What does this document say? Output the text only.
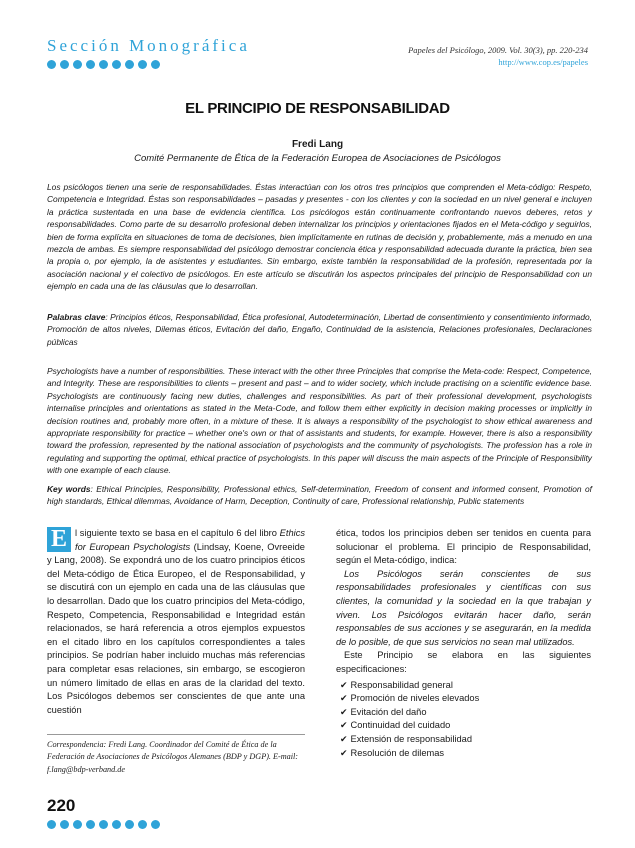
Sección Monográfica	Papeles del Psicólogo, 2009. Vol. 30(3), pp. 220-234
http://www.cop.es/papeles
EL PRINCIPIO DE RESPONSABILIDAD
Fredi Lang
Comité Permanente de Ética de la Federación Europea de Asociaciones de Psicólogos

Los psicólogos tienen una serie de responsabilidades. Éstas interactúan con los otros tres principios que comprenden el Meta-código: Respeto, Competencia e Integridad. Éstas son responsabilidades – pasadas y presentes - con los clientes y con la sociedad en un nivel general e incluyen la práctica sustentada en una base de evidencia científica. Los psicólogos están continuamente confrontando nuevos deberes, retos y responsabilidades. Como parte de su desarrollo profesional deben internalizar los principios y orientaciones fijados en el Meta-código y seguirlos, bien de forma explícita en situaciones de toma de decisiones, bien implícitamente en rutinas de decisión y, probablemente, más a menudo en una mezcla de ambas. Es siempre responsabilidad del psicólogo demostrar conciencia ética y responsabilidad adecuada durante la práctica, bien sea la propia o, por ejemplo, la de asistentes y estudiantes. Sin embargo, existe también la responsabilidad de la profesión, representada por la asociación nacional y el colectivo de psicólogos. En este artículo se discutirán los aspectos principales del principio de Responsabilidad con un ejemplo en cada una de las cláusulas que lo desarrollan.

Palabras clave: Principios éticos, Responsabilidad, Ética profesional, Autodeterminación, Libertad de consentimiento y consentimiento informado, Promoción de altos niveles, Dilemas éticos, Evitación del daño, Engaño, Continuidad de la asistencia, Relaciones profesionales, Declaraciones públicas

Psychologists have a number of responsibilities. These interact with the other three Principles that comprise the Meta-code: Respect, Competence, and Integrity. These are responsibilities to clients – present and past – and to wider society, which include practising on a scientific evidence base. Psychologists are continuously facing new duties, challenges and responsibilities. As part of their professional development, psychologists internalise principles and orientations as stated in the Meta-Code, and follow them either explicitly in decision making processes or implicitly in decision routines and, probably more often, in a mixture of these. It is always a responsibility of the psychologist to show ethical awareness and appropriate responsibility for practice – whether one's own or that of assistants and students, for example. However, there is also a responsibility toward the profession, represented by the national association of psychologists and the community of psychologists. The profession has a role in regulating and supporting the optimal, ethical practice of psychologists. In this paper will discuss the main aspects of the Principle of Responsibility with one example of each clause.

Key words: Ethical Principles, Responsibility, Professional ethics, Self-determination, Freedom of consent and informed consent, Promotion of high standards, Ethical dilemmas, Avoidance of Harm, Deception, Continuity of care, Professional relationship, Public statements

E l siguiente texto se basa en el capítulo 6 del libro Ethics for European Psychologists (Lindsay, Koene, Ovreeide y Lang, 2008). Se expondrá uno de los cuatro principios éticos del Meta-código de Ética Europeo, el de Responsabilidad, y se discutirá con un ejemplo en cada una de las cláusulas que lo desarrollan. Dado que los cuatro principios del Meta-código, Respeto, Competencia, Responsabilidad e Integridad están relacionados, se hará referencia a otros ejemplos expuestos en el citado libro en los capítulos correspondientes a tales principios. Se podrían haber incluido muchas más referencias para completar esas relaciones, sin embargo, se escogieron un número limitado de ellas en aras de la claridad del texto. Los Psicólogos debemos ser conscientes de que ante una cuestión

ética, todos los principios deben ser tenidos en cuenta para solucionar el problema. El principio de Responsabilidad, según el Meta-código, indica:

Los Psicólogos serán conscientes de sus responsabilidades profesionales y científicas con sus clientes, la comunidad y la sociedad en la que trabajan y viven. Los Psicólogos evitarán hacer daño, serán responsables de sus acciones y se asegurarán, en la medida de lo posible, de que sus servicios no sean mal utilizados.

Este Principio se elabora en las siguientes especificaciones:

✔ Responsabilidad general
✔ Promoción de niveles elevados
✔ Evitación del daño
✔ Continuidad del cuidado
✔ Extensión de responsabilidad
✔ Resolución de dilemas
Correspondencia: Fredi Lang. Coordinador del Comité de Ética de la Federación de Asociaciones de Psicólogos Alemanes (BDP y DGP). E-mail: f.lang@bdp-verband.de
220
